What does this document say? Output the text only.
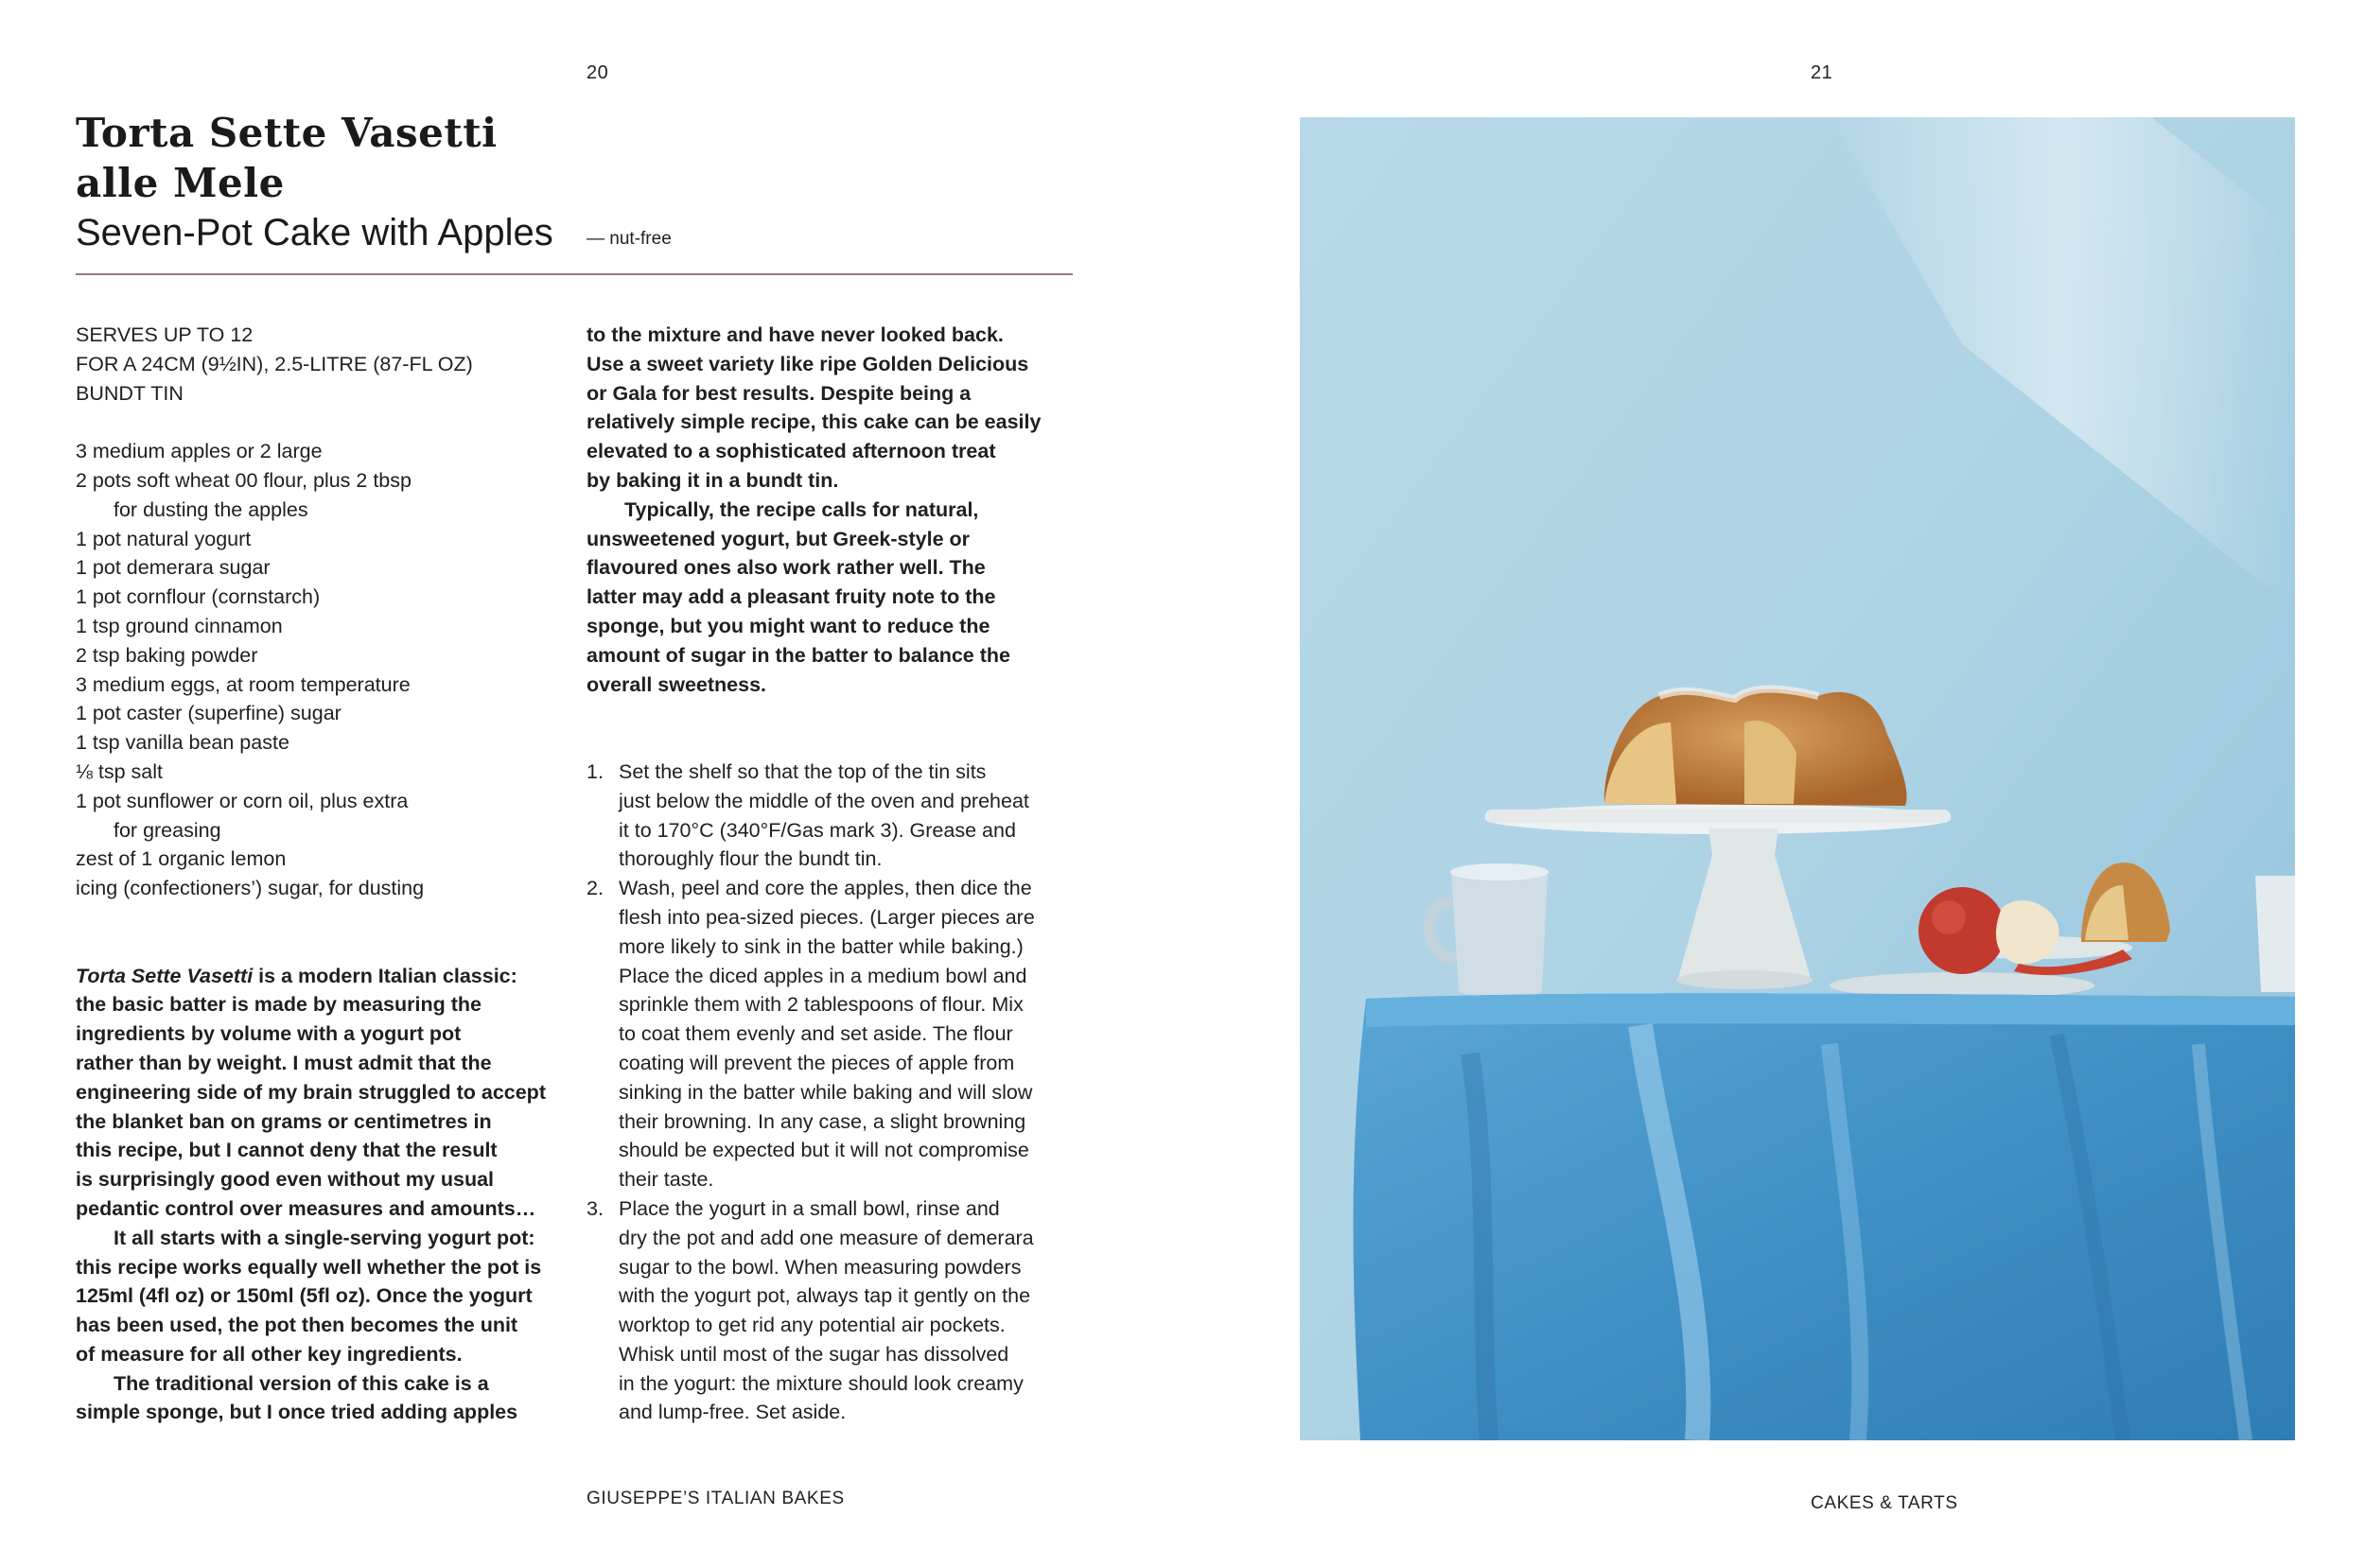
20	21
Torta Sette Vasetti
alle Mele
Seven-Pot Cake with Apples — nut-free
SERVES UP TO 12
FOR A 24CM (9½IN), 2.5-LITRE (87-FL OZ)
BUNDT TIN
3 medium apples or 2 large
2 pots soft wheat 00 flour, plus 2 tbsp
for dusting the apples
1 pot natural yogurt
1 pot demerara sugar
1 pot cornflour (cornstarch)
1 tsp ground cinnamon
2 tsp baking powder
3 medium eggs, at room temperature
1 pot caster (superfine) sugar
1 tsp vanilla bean paste
⅛ tsp salt
1 pot sunflower or corn oil, plus extra
for greasing
zest of 1 organic lemon
icing (confectioners’) sugar, for dusting
Torta Sette Vasetti is a modern Italian classic:
the basic batter is made by measuring the
ingredients by volume with a yogurt pot
rather than by weight. I must admit that the
engineering side of my brain struggled to accept
the blanket ban on grams or centimetres in
this recipe, but I cannot deny that the result
is surprisingly good even without my usual
pedantic control over measures and amounts…
It all starts with a single-serving yogurt pot:
this recipe works equally well whether the pot is
125ml (4fl oz) or 150ml (5fl oz). Once the yogurt
has been used, the pot then becomes the unit
of measure for all other key ingredients.
The traditional version of this cake is a
simple sponge, but I once tried adding apples
to the mixture and have never looked back.
Use a sweet variety like ripe Golden Delicious
or Gala for best results. Despite being a
relatively simple recipe, this cake can be easily
elevated to a sophisticated afternoon treat
by baking it in a bundt tin.
Typically, the recipe calls for natural,
unsweetened yogurt, but Greek-style or
flavoured ones also work rather well. The
latter may add a pleasant fruity note to the
sponge, but you might want to reduce the
amount of sugar in the batter to balance the
overall sweetness.
1. Set the shelf so that the top of the tin sits
just below the middle of the oven and preheat
it to 170°C (340°F/Gas mark 3). Grease and
thoroughly flour the bundt tin.
2. Wash, peel and core the apples, then dice the
flesh into pea-sized pieces. (Larger pieces are
more likely to sink in the batter while baking.)
Place the diced apples in a medium bowl and
sprinkle them with 2 tablespoons of flour. Mix
to coat them evenly and set aside. The flour
coating will prevent the pieces of apple from
sinking in the batter while baking and will slow
their browning. In any case, a slight browning
should be expected but it will not compromise
their taste.
3. Place the yogurt in a small bowl, rinse and
dry the pot and add one measure of demerara
sugar to the bowl. When measuring powders
with the yogurt pot, always tap it gently on the
worktop to get rid any potential air pockets.
Whisk until most of the sugar has dissolved
in the yogurt: the mixture should look creamy
and lump-free. Set aside.
GIUSEPPE’S ITALIAN BAKES	CAKES & TARTS
